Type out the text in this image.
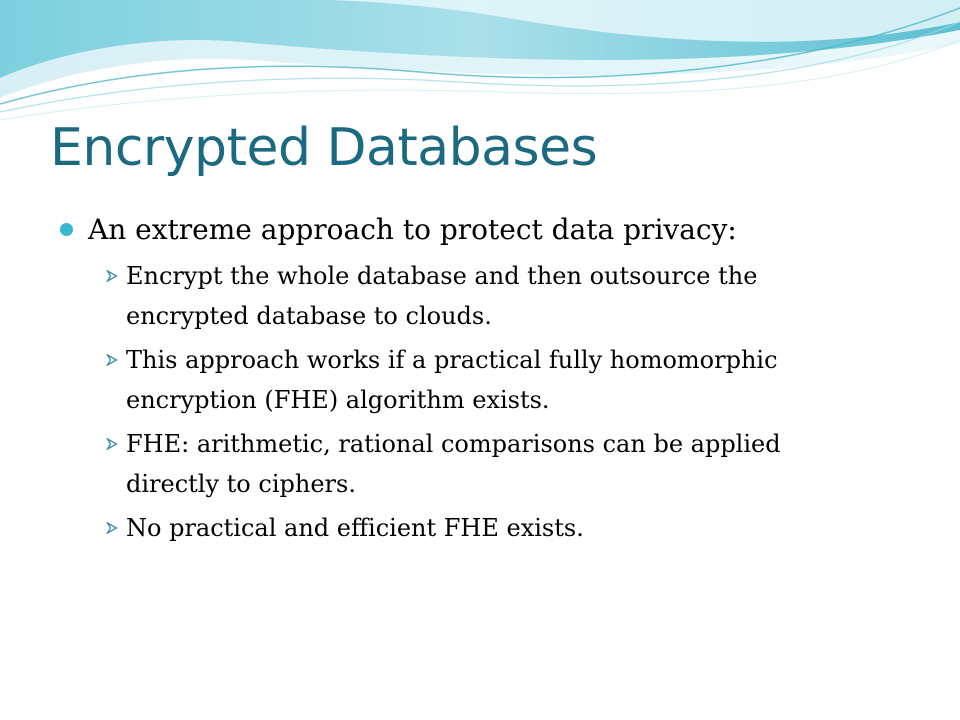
Encrypted Databases
An extreme approach to protect data privacy:
Encrypt the whole database and then outsource the
encrypted database to clouds.
This approach works if a practical fully homomorphic
encryption (FHE) algorithm exists.
FHE: arithmetic, rational comparisons can be applied
directly to ciphers.
No practical and efficient FHE exists.
